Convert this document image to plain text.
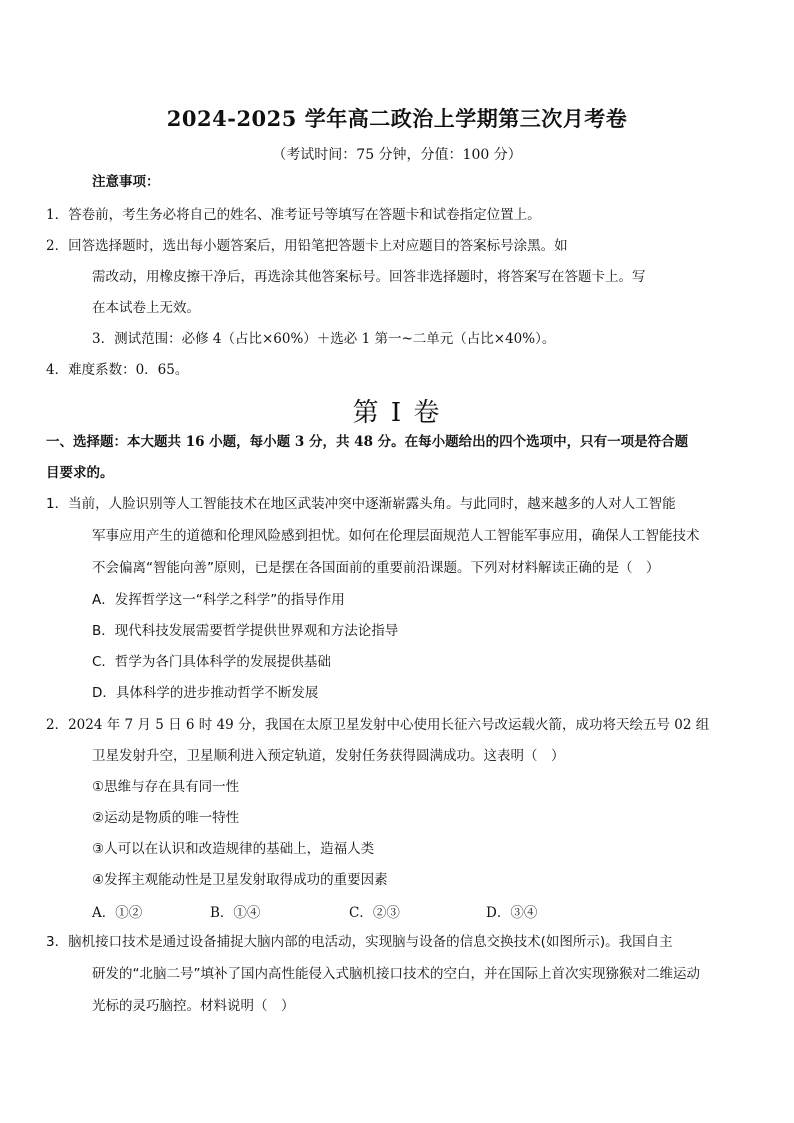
2024-2025 学年高二政治上学期第三次月考卷
（考试时间：75 分钟，分值：100 分）
注意事项：
1．答卷前，考生务必将自己的姓名、准考证号等填写在答题卡和试卷指定位置上。
2．回答选择题时，选出每小题答案后，用铅笔把答题卡上对应题目的答案标号涂黑。如
需改动，用橡皮擦干净后，再选涂其他答案标号。回答非选择题时，将答案写在答题卡上。写
在本试卷上无效。
3．测试范围：必修 4（占比×60%）＋选必 1 第一~二单元（占比×40%）。
4．难度系数：0．65。
第 I 卷
一、选择题：本大题共 16 小题，每小题 3 分，共 48 分。在每小题给出的四个选项中，只有一项是符合题
目要求的。
1．当前，人脸识别等人工智能技术在地区武装冲突中逐渐崭露头角。与此同时，越来越多的人对人工智能
军事应用产生的道德和伦理风险感到担忧。如何在伦理层面规范人工智能军事应用，确保人工智能技术
不会偏离“智能向善”原则，已是摆在各国面前的重要前沿课题。下列对材料解读正确的是（　）
A．发挥哲学这一“科学之科学”的指导作用
B．现代科技发展需要哲学提供世界观和方法论指导
C．哲学为各门具体科学的发展提供基础
D．具体科学的进步推动哲学不断发展
2．2024 年 7 月 5 日 6 时 49 分，我国在太原卫星发射中心使用长征六号改运载火箭，成功将天绘五号 02 组
卫星发射升空，卫星顺利进入预定轨道，发射任务获得圆满成功。这表明（　）
①思维与存在具有同一性
②运动是物质的唯一特性
③人可以在认识和改造规律的基础上，造福人类
④发挥主观能动性是卫星发射取得成功的重要因素
A．①②	B．①④	C．②③	D．③④
3．脑机接口技术是通过设备捕捉大脑内部的电活动，实现脑与设备的信息交换技术(如图所示)。我国自主
研发的“北脑二号”填补了国内高性能侵入式脑机接口技术的空白，并在国际上首次实现猕猴对二维运动
光标的灵巧脑控。材料说明（　）
